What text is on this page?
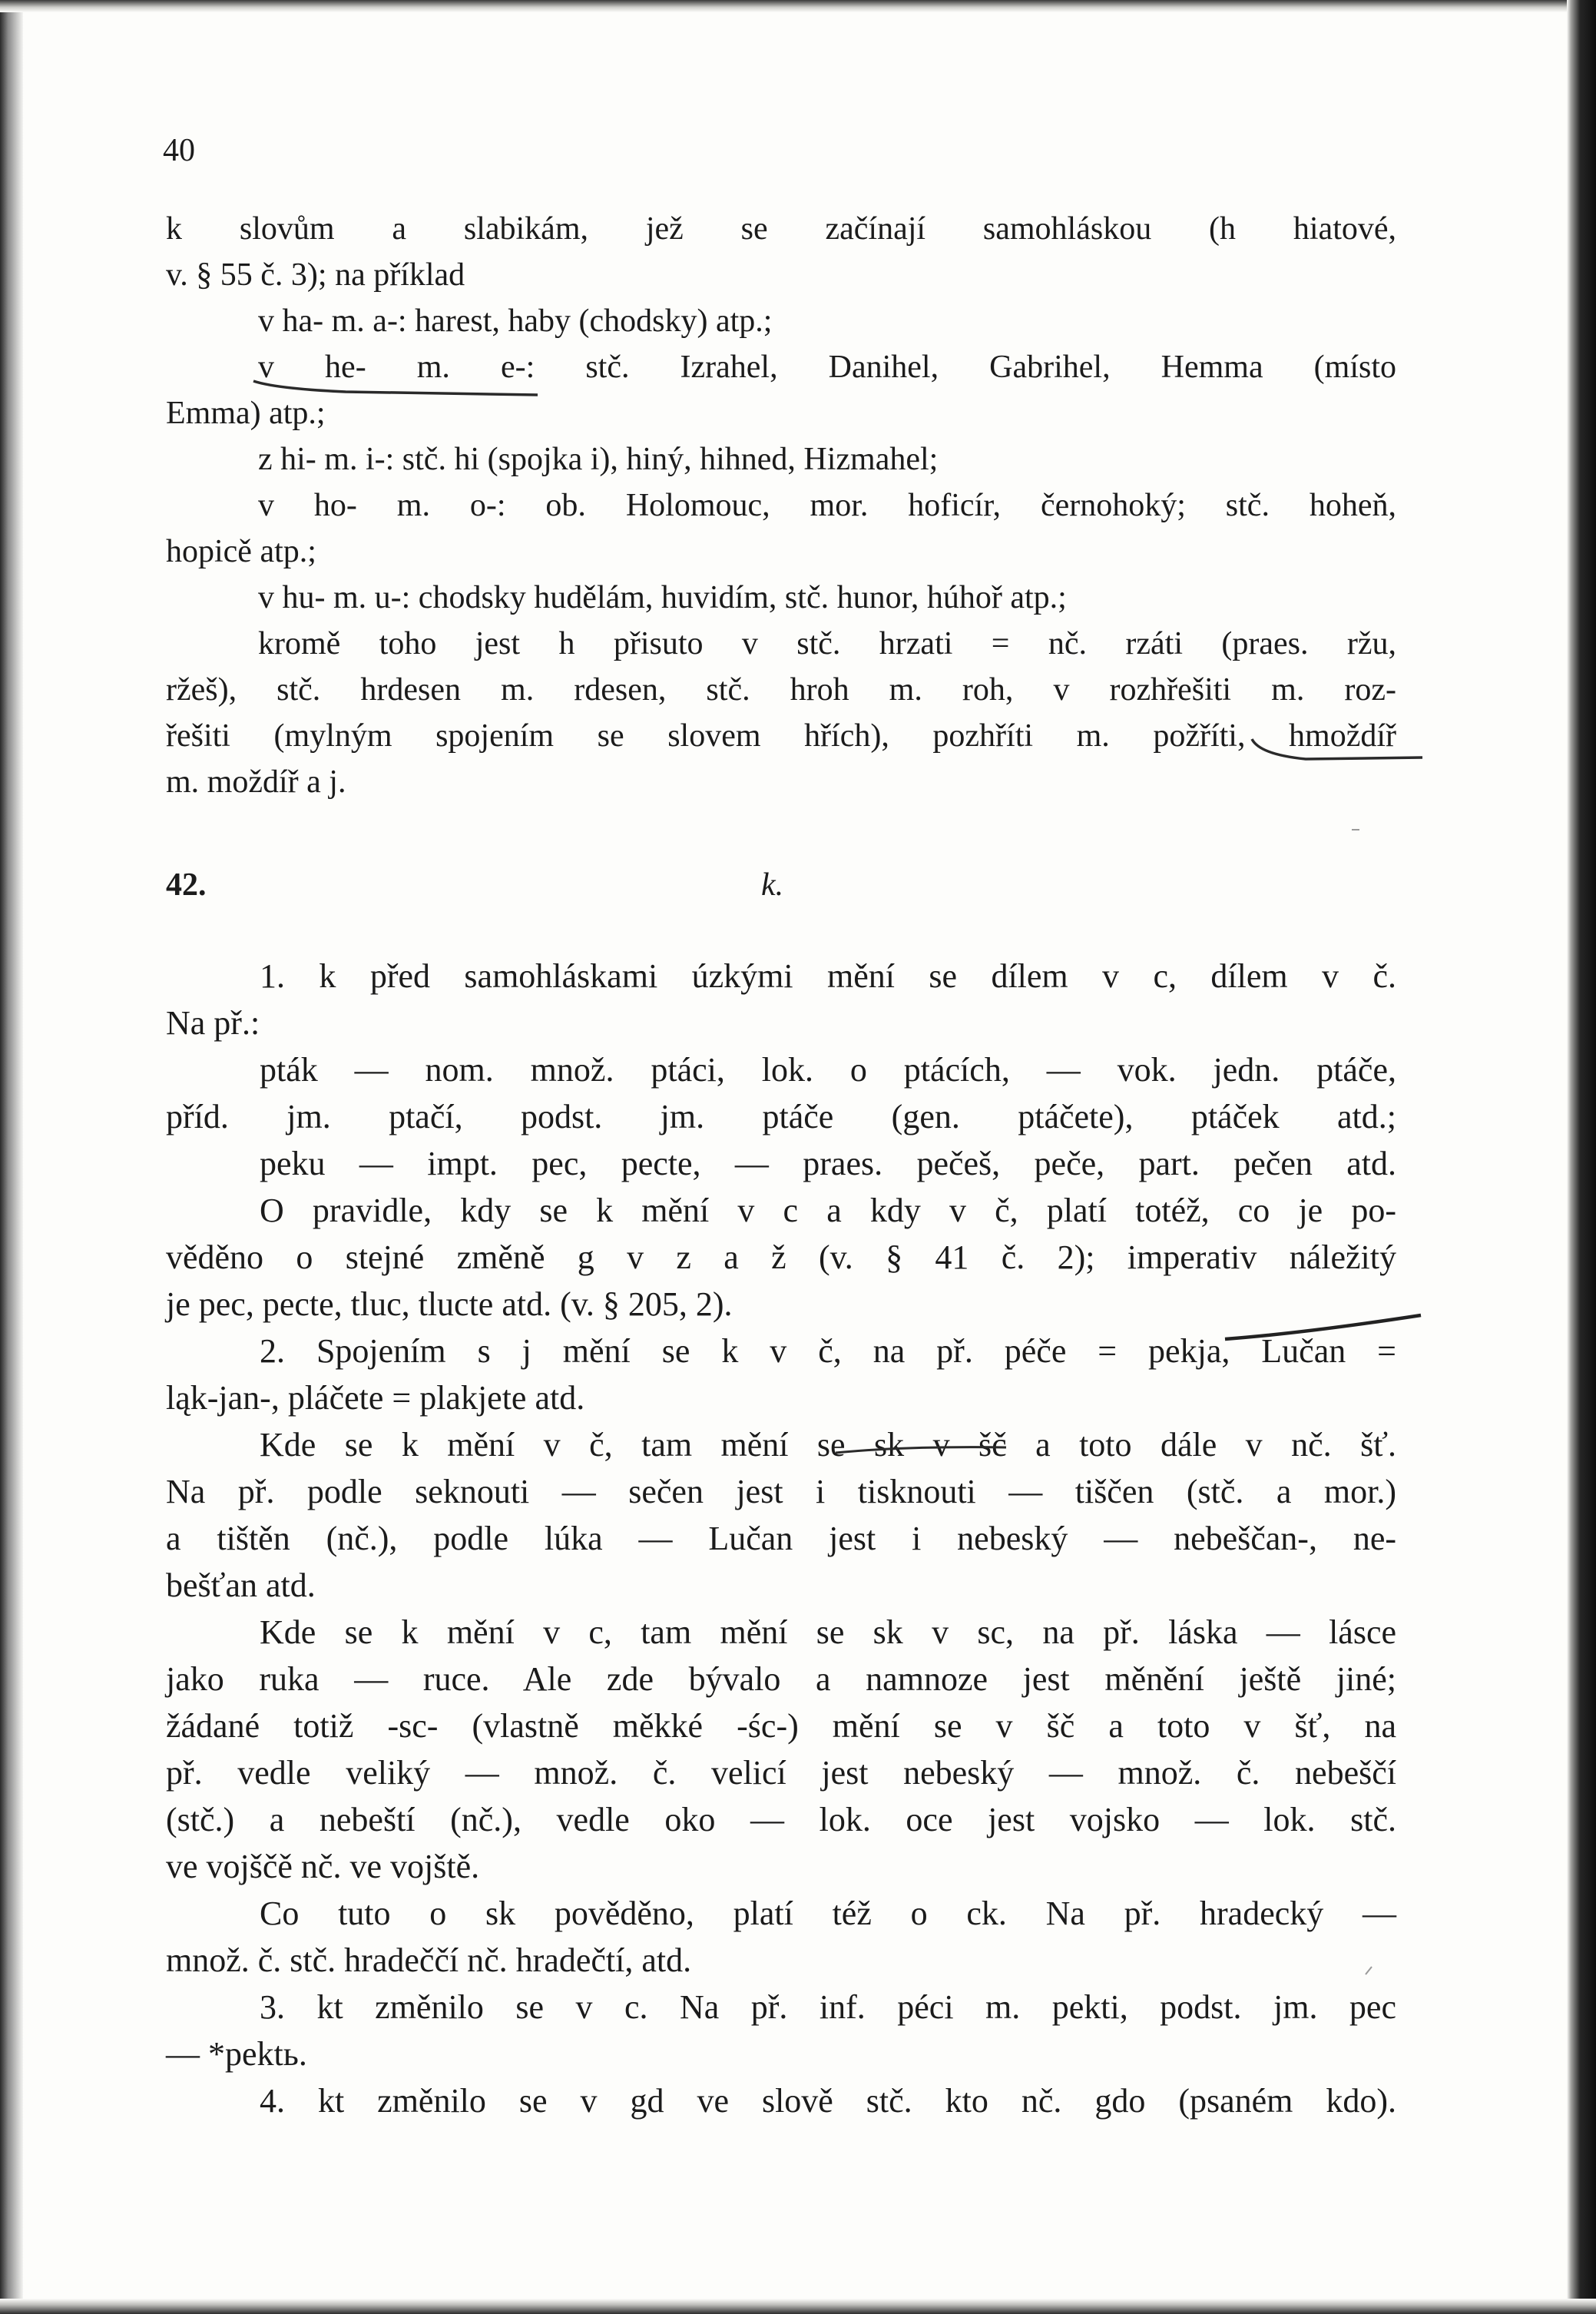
40
k slovům a slabikám, jež se začínají samohláskou (h hiatové,
v. § 55 č. 3); na příklad
v ha- m. a-: harest, haby (chodsky) atp.;
v he- m. e-: stč. Izrahel, Danihel, Gabrihel, Hemma (místo
Emma) atp.;
z hi- m. i-: stč. hi (spojka i), hiný, hihned, Hizmahel;
v ho- m. o-: ob. Holomouc, mor. hoficír, černohoký; stč. hoheň,
hopicě atp.;
v hu- m. u-: chodsky hudělám, huvidím, stč. hunor, húhoř atp.;
kromě toho jest h přisuto v stč. hrzati = nč. rzáti (praes. ržu,
ržeš), stč. hrdesen m. rdesen, stč. hroh m. roh, v rozhřešiti m. roz-
řešiti (mylným spojením se slovem hřích), pozhříti m. požříti, hmoždíř
m. moždíř a j.
42.	k.
1. k před samohláskami úzkými mění se dílem v c, dílem v č.
Na př.:
pták — nom. množ. ptáci, lok. o ptácích, — vok. jedn. ptáče,
příd. jm. ptačí, podst. jm. ptáče (gen. ptáčete), ptáček atd.;
peku — impt. pec, pecte, — praes. pečeš, peče, part. pečen atd.
O pravidle, kdy se k mění v c a kdy v č, platí totéž, co je po-
věděno o stejné změně g v z a ž (v. § 41 č. 2); imperativ náležitý
je pec, pecte, tluc, tlucte atd. (v. § 205, 2).
2. Spojením s j mění se k v č, na př. péče = pekja, Lučan =
ląk-jan-, pláčete = plakjete atd.
Kde se k mění v č, tam mění se sk v šč a toto dále v nč. šť.
Na př. podle seknouti — sečen jest i tisknouti — tiščen (stč. a mor.)
a tištěn (nč.), podle lúka — Lučan jest i nebeský — nebeščan-, ne-
bešťan atd.
Kde se k mění v c, tam mění se sk v sc, na př. láska — lásce
jako ruka — ruce. Ale zde bývalo a namnoze jest měnění ještě jiné;
žádané totiž -sc- (vlastně měkké -śc-) mění se v šč a toto v šť, na
př. vedle veliký — množ. č. velicí jest nebeský — množ. č. nebeščí
(stč.) a nebeští (nč.), vedle oko — lok. oce jest vojsko — lok. stč.
ve vojščě nč. ve vojště.
Co tuto o sk pověděno, platí též o ck. Na př. hradecký —
množ. č. stč. hradeččí nč. hradečtí, atd.
3. kt změnilo se v c. Na př. inf. péci m. pekti, podst. jm. pec
— *pektь.
4. kt změnilo se v gd ve slově stč. kto nč. gdo (psaném kdo).
